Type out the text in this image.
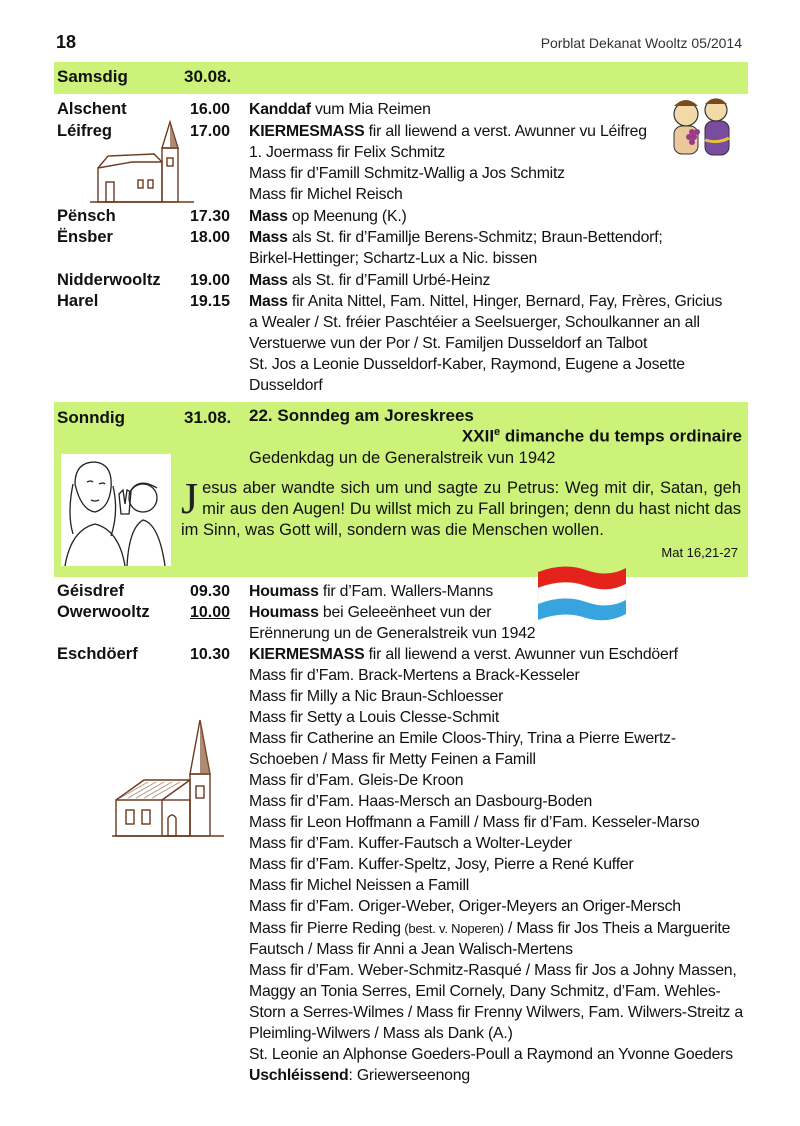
18	Porblat Dekanat Wooltz 05/2014
Samsdig	30.08.
Alschent	16.00 Kanddaf vum Mia Reimen
Léifreg	17.00 KIERMESMASS fir all liewend a verst. Awunner vu Léifreg
1. Joermass fir Felix Schmitz
Mass fir d’Famill Schmitz-Wallig a Jos Schmitz
Mass fir Michel Reisch
Pënsch	17.30 Mass op Meenung (K.)
Ënsber	18.00 Mass als St. fir d’Famillje Berens-Schmitz; Braun-Bettendorf;
Birkel-Hettinger; Schartz-Lux a Nic. bissen
Nidderwooltz 19.00 Mass als St. fir d’Famill Urbé-Heinz
Harel	19.15 Mass fir Anita Nittel, Fam. Nittel, Hinger, Bernard, Fay, Frères, Gricius
a Wealer / St. fréier Paschtéier a Seelsuerger, Schoulkanner an all
Verstuerwe vun der Por / St. Familjen Dusseldorf an Talbot
St. Jos a Leonie Dusseldorf-Kaber, Raymond, Eugene a Josette
Dusseldorf
Sonndig	31.08. 22. Sonndeg am Joreskrees
XXIIe dimanche du temps ordinaire
Gedenkdag un de Generalstreik vun 1942
Jesus aber wandte sich um und sagte zu Petrus: Weg mit dir, Satan, geh mir aus den Augen! Du willst mich zu Fall bringen; denn du hast nicht das im Sinn, was Gott will, sondern was die Menschen wollen.
Mat 16,21-27
Géisdref	09.30 Houmass fir d’Fam. Wallers-Manns
Owerwooltz	10.00 Houmass bei Geleeënheet vun der
Erënnerung un de Generalstreik vun 1942
Eschdöerf	10.30 KIERMESMASS fir all liewend a verst. Awunner vun Eschdöerf
Mass fir d’Fam. Brack-Mertens a Brack-Kesseler
Mass fir Milly a Nic Braun-Schloesser
Mass fir Setty a Louis Clesse-Schmit
Mass fir Catherine an Emile Cloos-Thiry, Trina a Pierre Ewertz-
Schoeben / Mass fir Metty Feinen a Famill
Mass fir d’Fam. Gleis-De Kroon
Mass fir d’Fam. Haas-Mersch an Dasbourg-Boden
Mass fir Leon Hoffmann a Famill / Mass fir d’Fam. Kesseler-Marso
Mass fir d’Fam. Kuffer-Fautsch a Wolter-Leyder
Mass fir d’Fam. Kuffer-Speltz, Josy, Pierre a René Kuffer
Mass fir Michel Neissen a Famill
Mass fir d’Fam. Origer-Weber, Origer-Meyers an Origer-Mersch
Mass fir Pierre Reding (best. v. Noperen) / Mass fir Jos Theis a Marguerite
Fautsch / Mass fir Anni a Jean Walisch-Mertens
Mass fir d’Fam. Weber-Schmitz-Rasqué / Mass fir Jos a Johny Massen,
Maggy an Tonia Serres, Emil Cornely, Dany Schmitz, d’Fam. Wehles-
Storn a Serres-Wilmes / Mass fir Frenny Wilwers, Fam. Wilwers-Streitz a
Pleimling-Wilwers / Mass als Dank (A.)
St. Leonie an Alphonse Goeders-Poull a Raymond an Yvonne Goeders
Uschléissend: Griewerseenong
